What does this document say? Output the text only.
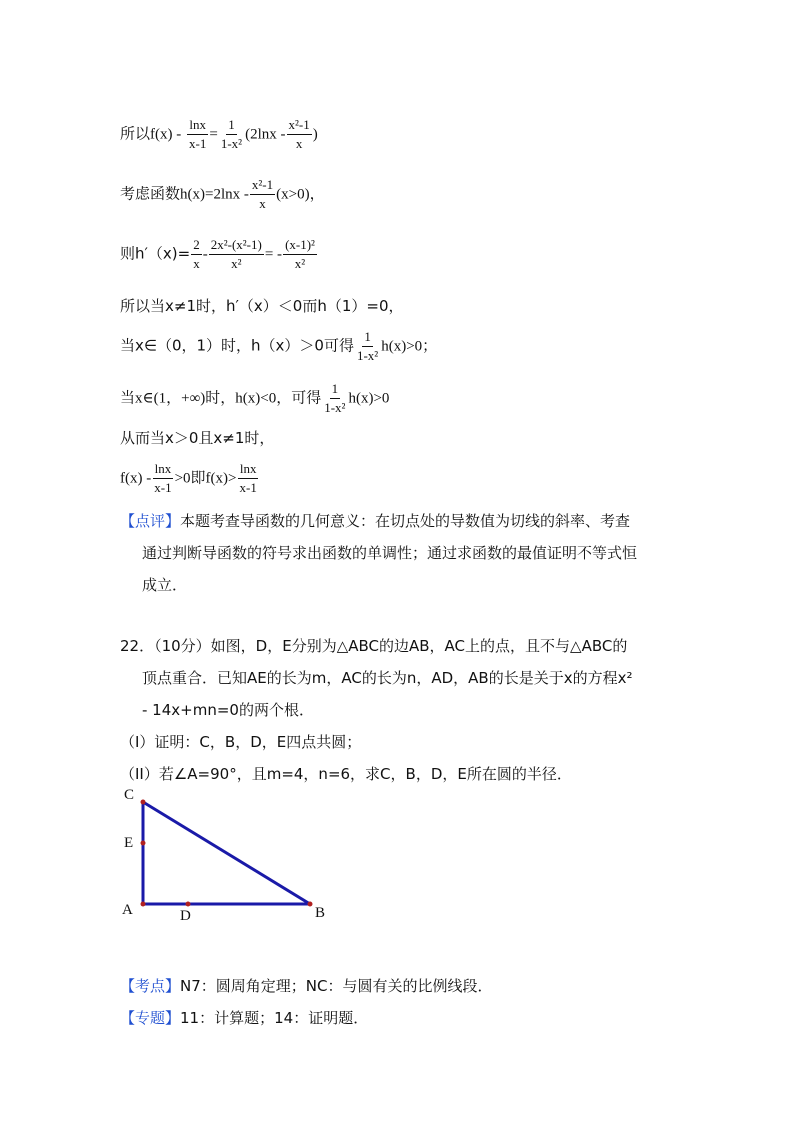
所以$f(x) - \frac{\ln x}{x-1} = \frac{1}{\text{1-x²}} (2\ln x - \frac{\text{x²-1}}{x}$ )
考虑函数$h(x)=2\ln x - \frac{\text{x²-1}}{x} (x>0)$，
则$h'(x)= \frac{2}{x} - \frac{\text{2x²-(x²-1)}}{\text{x²}}$ = - $\frac{\text{(x-1)²}}{\text{x²}}$
所以当x≠1时，h′（x）＜0而h（1）=0，
当x∈（0，1）时，h（x）＞0可得 $\frac{1}{\text{1-x²}} h(x)>0$；
当x∈(1，+∞)时，h(x)<0，可得 $\frac{1}{\text{1-x²}} h(x)>0$
从而当x＞0且x≠1时，
$f(x) - \frac{\ln x}{x-1} >0$即$f(x)> \frac{\ln x}{x-1}$
【点评】本题考查导函数的几何意义：在切点处的导数值为切线的斜率、考查
通过判断导函数的符号求出函数的单调性；通过求函数的最值证明不等式恒
成立．
22．（10分）如图，D，E分别为△ABC的边AB，AC上的点，且不与△ABC的
顶点重合．已知AE的长为m，AC的长为n，AD，AB的长是关于x的方程x²
- 14x+mn=0的两个根．
（I）证明：C，B，D，E四点共圆；
（II）若∠A=90°，且m=4，n=6，求C，B，D，E所在圆的半径．
C
E
A	D	B
【考点】N7：圆周角定理；NC：与圆有关的比例线段．
【专题】11：计算题；14：证明题．
